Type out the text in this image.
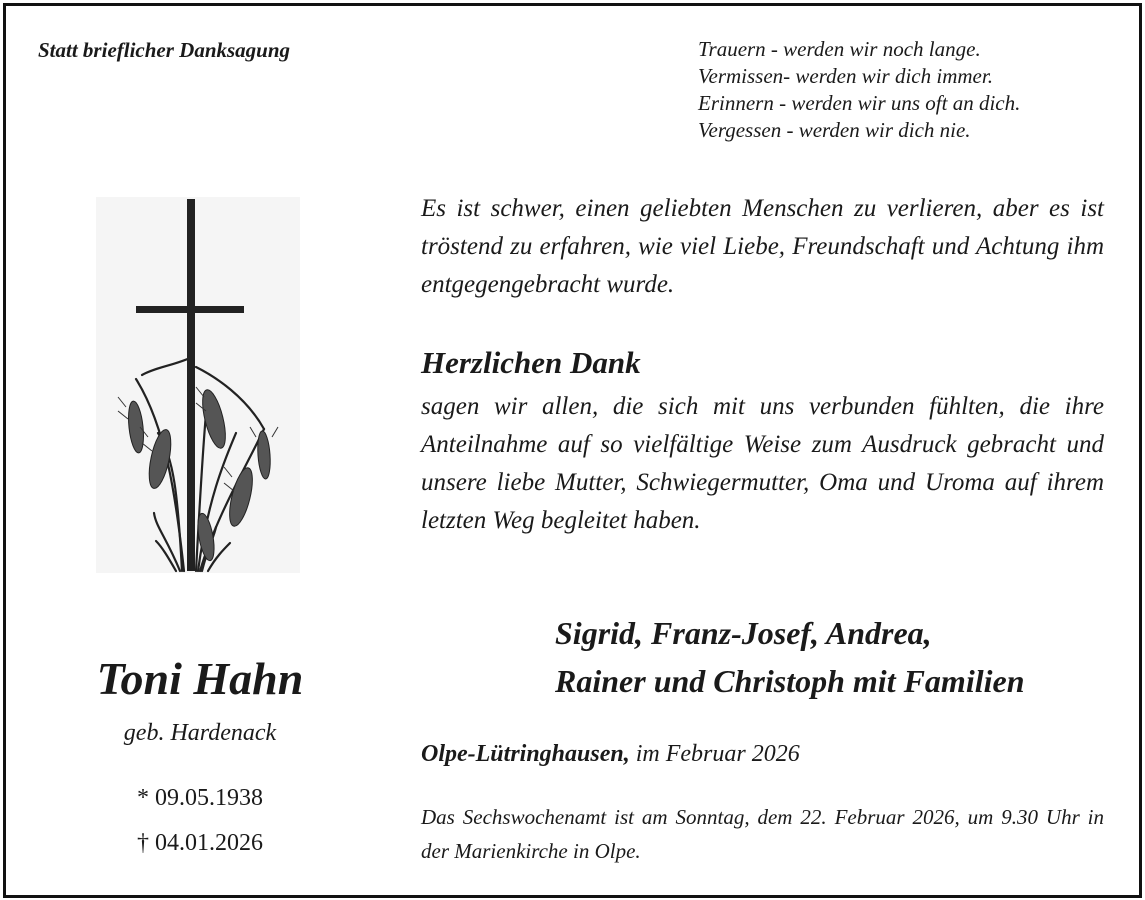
Statt brieflicher Danksagung	Trauern - werden wir noch lange.
Vermissen- werden wir dich immer.
Erinnern - werden wir uns oft an dich.
Vergessen - werden wir dich nie.
Es ist schwer, einen geliebten Menschen zu verlieren, aber es ist tröstend zu erfahren, wie viel Liebe, Freundschaft und Achtung ihm entgegengebracht wurde.
Herzlichen Dank
sagen wir allen, die sich mit uns verbunden fühlten, die ihre Anteilnahme auf so vielfältige Weise zum Ausdruck gebracht und unsere liebe Mutter, Schwiegermutter, Oma und Uroma auf ihrem letzten Weg begleitet haben.
Sigrid, Franz-Josef, Andrea,
Rainer und Christoph mit Familien
Toni Hahn
geb. Hardenack
* 09.05.1938
† 04.01.2026
Olpe-Lütringhausen, im Februar 2026
Das Sechswochenamt ist am Sonntag, dem 22. Februar 2026, um 9.30 Uhr in der Marienkirche in Olpe.
